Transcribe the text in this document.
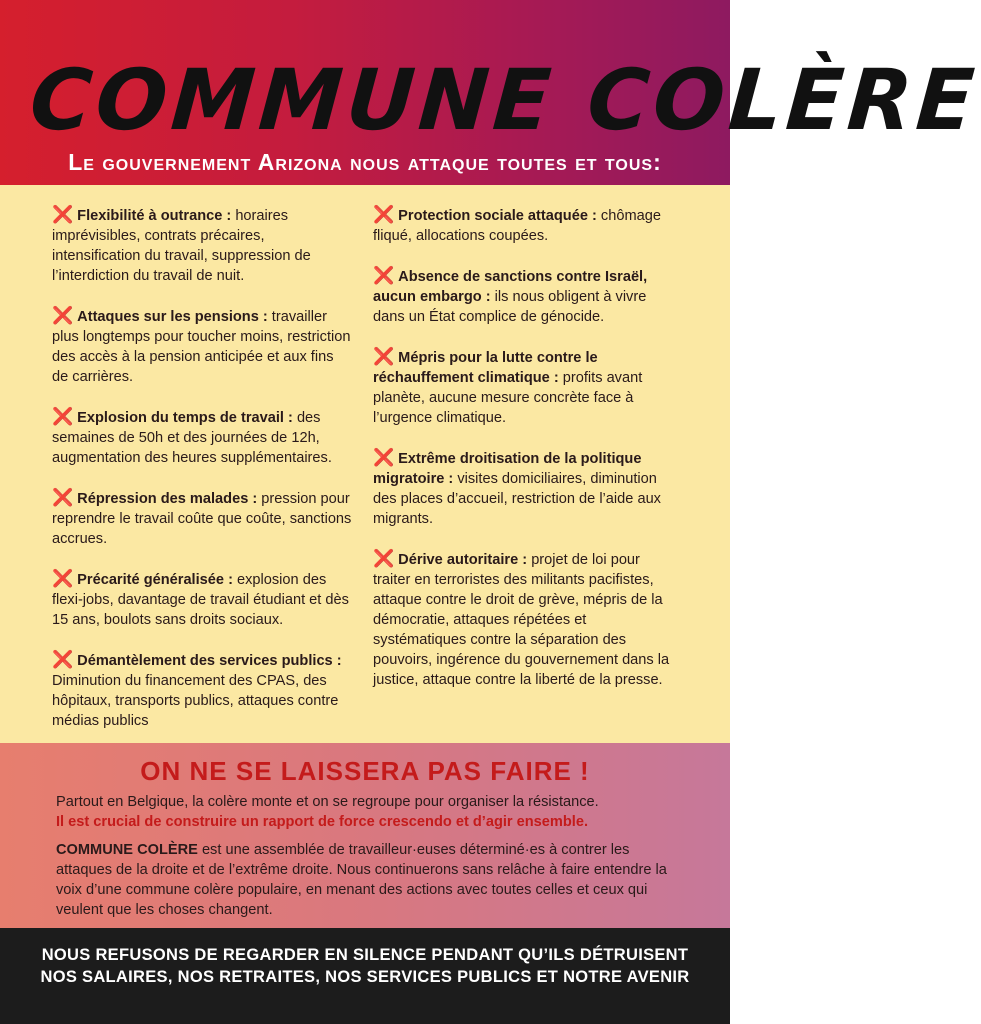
COMMUNE COLÈRE
Le gouvernement Arizona nous attaque toutes et tous:
❌ Flexibilité à outrance : horaires imprévisibles, contrats précaires, intensification du travail, suppression de l’interdiction du travail de nuit.
❌ Attaques sur les pensions : travailler plus longtemps pour toucher moins, restriction des accès à la pension anticipée et aux fins de carrières.
❌ Explosion du temps de travail : des semaines de 50h et des journées de 12h, augmentation des heures supplémentaires.
❌ Répression des malades : pression pour reprendre le travail coûte que coûte, sanctions accrues.
❌ Précarité généralisée : explosion des flexi-jobs, davantage de travail étudiant et dès 15 ans, boulots sans droits sociaux.
❌ Démantèlement des services publics : Diminution du financement des CPAS, des hôpitaux, transports publics, attaques contre médias publics
❌ Protection sociale attaquée : chômage fliqué, allocations coupées.
❌ Absence de sanctions contre Israël, aucun embargo : ils nous obligent à vivre dans un État complice de génocide.
❌ Mépris pour la lutte contre le réchauffement climatique : profits avant planète, aucune mesure concrète face à l’urgence climatique.
❌ Extrême droitisation de la politique migratoire : visites domiciliaires, diminution des places d’accueil, restriction de l’aide aux migrants.
❌ Dérive autoritaire : projet de loi pour traiter en terroristes des militants pacifistes, attaque contre le droit de grève, mépris de la démocratie, attaques répétées et systématiques contre la séparation des pouvoirs, ingérence du gouvernement dans la justice, attaque contre la liberté de la presse.
ON NE SE LAISSERA PAS FAIRE !
Partout en Belgique, la colère monte et on se regroupe pour organiser la résistance.
Il est crucial de construire un rapport de force crescendo et d’agir ensemble.
COMMUNE COLÈRE est une assemblée de travailleur·euses déterminé·es à contrer les attaques de la droite et de l’extrême droite. Nous continuerons sans relâche à faire entendre la voix d’une commune colère populaire, en menant des actions avec toutes celles et ceux qui veulent que les choses changent.
NOUS REFUSONS DE REGARDER EN SILENCE PENDANT QU’ILS DÉTRUISENT
NOS SALAIRES, NOS RETRAITES, NOS SERVICES PUBLICS ET NOTRE AVENIR
